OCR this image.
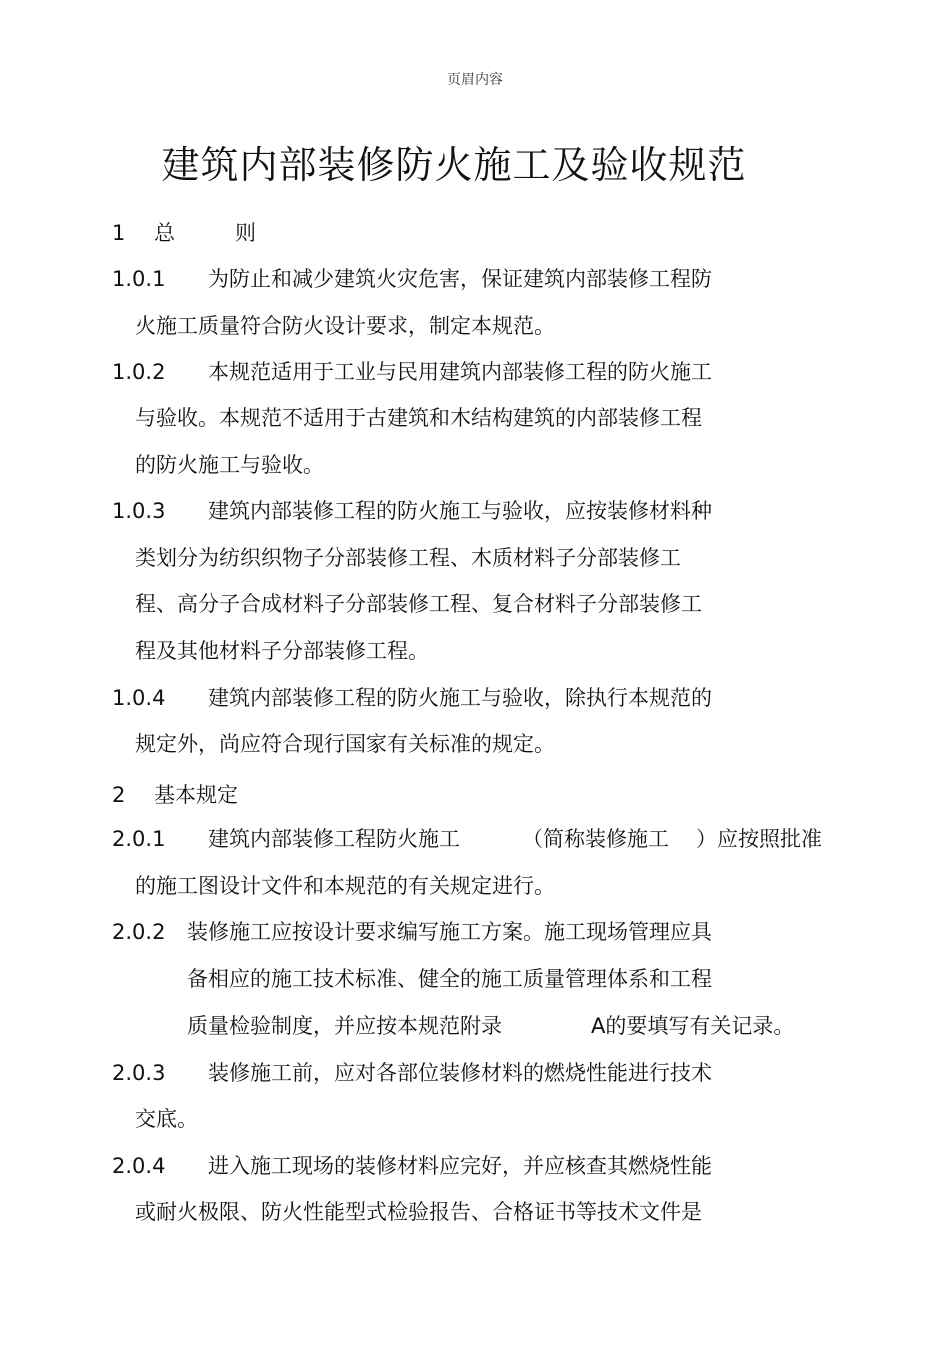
页眉内容
建筑内部装修防火施工及验收规范
1 总	则
1.0.1 为防止和减少建筑火灾危害，保证建筑内部装修工程防
火施工质量符合防火设计要求，制定本规范。
1.0.2 本规范适用于工业与民用建筑内部装修工程的防火施工
与验收。本规范不适用于古建筑和木结构建筑的内部装修工程
的防火施工与验收。
1.0.3 建筑内部装修工程的防火施工与验收，应按装修材料种
类划分为纺织织物子分部装修工程、木质材料子分部装修工
程、高分子合成材料子分部装修工程、复合材料子分部装修工
程及其他材料子分部装修工程。
1.0.4 建筑内部装修工程的防火施工与验收，除执行本规范的
规定外，尚应符合现行国家有关标准的规定。
2 基本规定
2.0.1 建筑内部装修工程防火施工	（简称装修施工 ）应按照批准
的施工图设计文件和本规范的有关规定进行。
2.0.2 装修施工应按设计要求编写施工方案。施工现场管理应具
备相应的施工技术标准、健全的施工质量管理体系和工程
质量检验制度，并应按本规范附录	A的要填写有关记录。
2.0.3 装修施工前，应对各部位装修材料的燃烧性能进行技术
交底。
2.0.4 进入施工现场的装修材料应完好，并应核查其燃烧性能
或耐火极限、防火性能型式检验报告、合格证书等技术文件是
